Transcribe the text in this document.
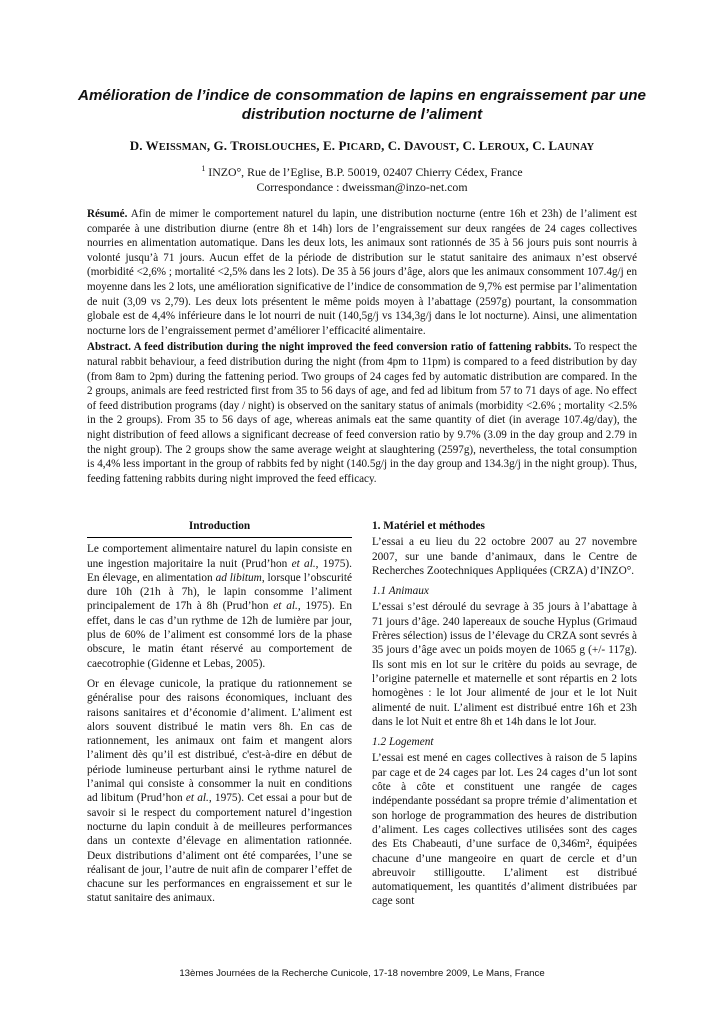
Amélioration de l’indice de consommation de lapins en engraissement par une distribution nocturne de l’aliment

D. WEISSMAN, G. TROISLOUCHES, E. PICARD, C. DAVOUST, C. LEROUX, C. LAUNAY

$^1$ INZO°, Rue de l’Eglise, B.P. 50019, 02407 Chierry Cédex, France
Correspondance : dweissman@inzo-net.com

Résumé. Afin de mimer le comportement naturel du lapin, une distribution nocturne (entre 16h et 23h) de l’aliment est comparée à une distribution diurne (entre 8h et 14h) lors de l’engraissement sur deux rangées de 24 cages collectives nourries en alimentation automatique. Dans les deux lots, les animaux sont rationnés de 35 à 56 jours puis sont nourris à volonté jusqu’à 71 jours. Aucun effet de la période de distribution sur le statut sanitaire des animaux n’est observé (morbidité <2,6% ; mortalité <2,5% dans les 2 lots). De 35 à 56 jours d’âge, alors que les animaux consomment 107.4g/j en moyenne dans les 2 lots, une amélioration significative de l’indice de consommation de 9,7% est permise par l’alimentation de nuit (3,09 vs 2,79). Les deux lots présentent le même poids moyen à l’abattage (2597g) pourtant, la consommation globale est de 4,4% inférieure dans le lot nourri de nuit (140,5g/j vs 134,3g/j dans le lot nocturne). Ainsi, une alimentation nocturne lors de l’engraissement permet d’améliorer l’efficacité alimentaire.

Abstract. A feed distribution during the night improved the feed conversion ratio of fattening rabbits. To respect the natural rabbit behaviour, a feed distribution during the night (from 4pm to 11pm) is compared to a feed distribution by day (from 8am to 2pm) during the fattening period. Two groups of 24 cages fed by automatic distribution are compared. In the 2 groups, animals are feed restricted first from 35 to 56 days of age, and fed ad libitum from 57 to 71 days of age. No effect of feed distribution programs (day / night) is observed on the sanitary status of animals (morbidity <2.6% ; mortality <2.5% in the 2 groups). From 35 to 56 days of age, whereas animals eat the same quantity of diet (in average 107.4g/day), the night distribution of feed allows a significant decrease of feed conversion ratio by 9.7% (3.09 in the day group and 2.79 in the night group). The 2 groups show the same average weight at slaughtering (2597g), nevertheless, the total consumption is 4,4% less important in the group of rabbits fed by night (140.5g/j in the day group and 134.3g/j in the night group). Thus, feeding fattening rabbits during night improved the feed efficacy.

Introduction

Le comportement alimentaire naturel du lapin consiste en une ingestion majoritaire la nuit (Prud’hon et al., 1975). En élevage, en alimentation ad libitum, lorsque l’obscurité dure 10h (21h à 7h), le lapin consomme l’aliment principalement de 17h à 8h (Prud’hon et al., 1975). En effet, dans le cas d’un rythme de 12h de lumière par jour, plus de 60% de l’aliment est consommé lors de la phase obscure, le matin étant réservé au comportement de caecotrophie (Gidenne et Lebas, 2005).

Or en élevage cunicole, la pratique du rationnement se généralise pour des raisons économiques, incluant des raisons sanitaires et d’économie d’aliment. L’aliment est alors souvent distribué le matin vers 8h. En cas de rationnement, les animaux ont faim et mangent alors l’aliment dès qu’il est distribué, c'est-à-dire en début de période lumineuse perturbant ainsi le rythme naturel de l’animal qui consiste à consommer la nuit en conditions ad libitum (Prud’hon et al., 1975). Cet essai a pour but de savoir si le respect du comportement naturel d’ingestion nocturne du lapin conduit à de meilleures performances dans un contexte d’élevage en alimentation rationnée. Deux distributions d’aliment ont été comparées, l’une se réalisant de jour, l’autre de nuit afin de comparer l’effet de chacune sur les performances en engraissement et sur le statut sanitaire des animaux.

1. Matériel et méthodes

L’essai a eu lieu du 22 octobre 2007 au 27 novembre 2007, sur une bande d’animaux, dans le Centre de Recherches Zootechniques Appliquées (CRZA) d’INZO°.

1.1 Animaux

L’essai s’est déroulé du sevrage à 35 jours à l’abattage à 71 jours d’âge. 240 lapereaux de souche Hyplus (Grimaud Frères sélection) issus de l’élevage du CRZA sont sevrés à 35 jours d’âge avec un poids moyen de 1065 g (+/- 117g). Ils sont mis en lot sur le critère du poids au sevrage, de l’origine paternelle et maternelle et sont répartis en 2 lots homogènes : le lot Jour alimenté de jour et le lot Nuit alimenté de nuit. L’aliment est distribué entre 16h et 23h dans le lot Nuit et entre 8h et 14h dans le lot Jour.

1.2 Logement

L’essai est mené en cages collectives à raison de 5 lapins par cage et de 24 cages par lot. Les 24 cages d’un lot sont côte à côte et constituent une rangée de cages indépendante possédant sa propre trémie d’alimentation et son horloge de programmation des heures de distribution d’aliment. Les cages collectives utilisées sont des cages des Ets Chabeauti, d’une surface de 0,346m², équipées chacune d’une mangeoire en quart de cercle et d’un abreuvoir stilligoutte. L’aliment est distribué automatiquement, les quantités d’aliment distribuées par cage sont

13èmes Journées de la Recherche Cunicole, 17-18 novembre 2009, Le Mans, France
